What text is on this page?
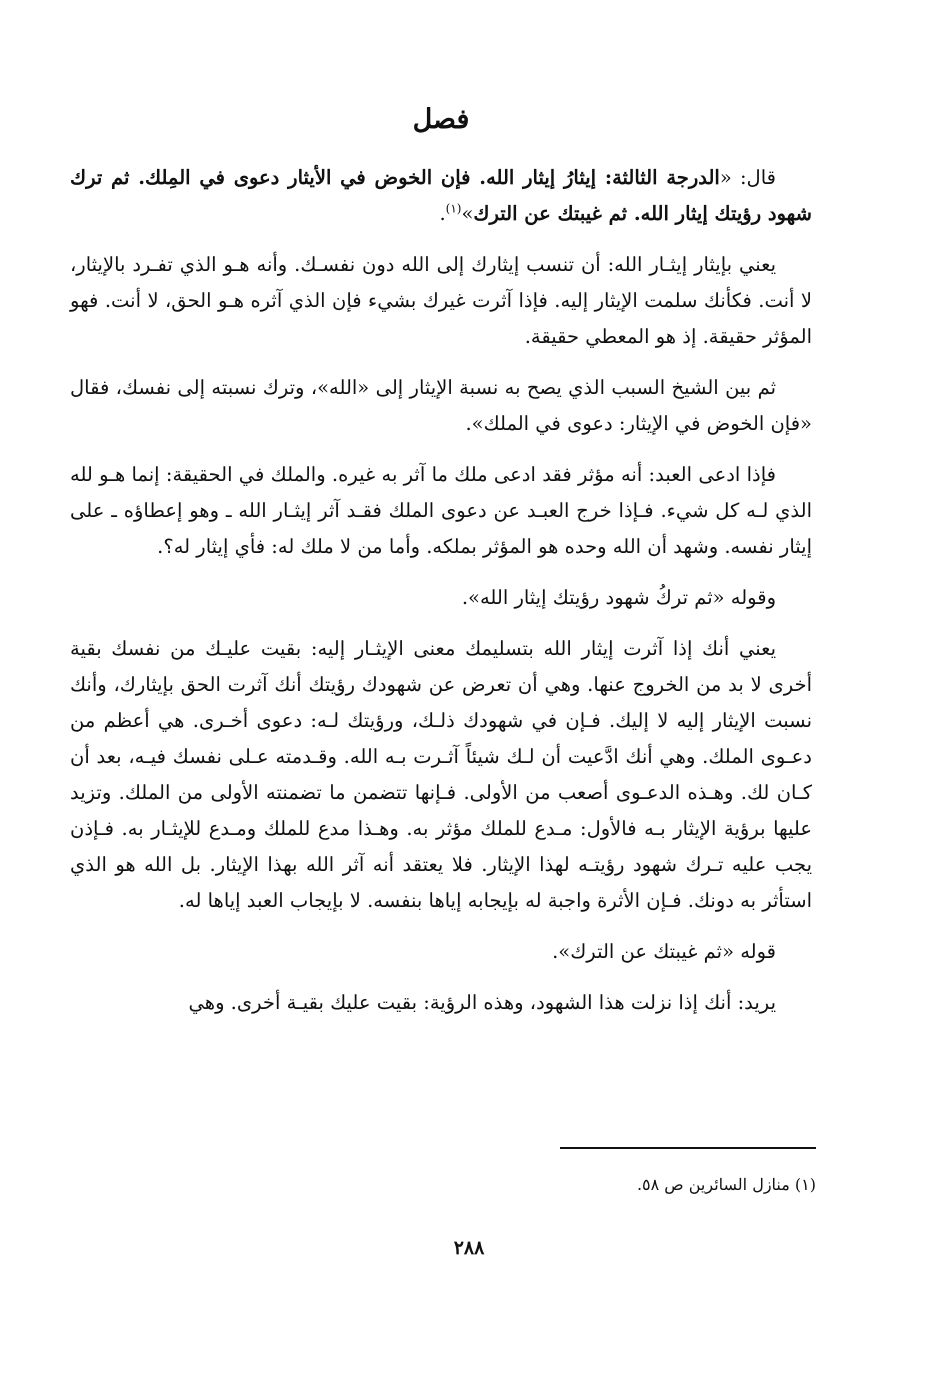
فصل

قال: «الدرجة الثالثة: إيثارُ إيثار الله. فإن الخوض في الأيثار دعوى في المِلك. ثم ترك شهود رؤيتك إيثار الله. ثم غيبتك عن الترك»$^{(١)}$.

يعني بإيثار إيثـار الله: أن تنسب إيثارك إلى الله دون نفسـك. وأنه هـو الذي تفـرد بالإيثار، لا أنت. فكأنك سلمت الإيثار إليه. فإذا آثرت غيرك بشيء فإن الذي آثره هـو الحق، لا أنت. فهو المؤثر حقيقة. إذ هو المعطي حقيقة.

ثم بين الشيخ السبب الذي يصح به نسبة الإيثار إلى «الله»، وترك نسبته إلى نفسك، فقال «فإن الخوض في الإيثار: دعوى في الملك».

فإذا ادعى العبد: أنه مؤثر فقد ادعى ملك ما آثر به غيره. والملك في الحقيقة: إنما هـو لله الذي لـه كل شيء. فـإذا خرج العبـد عن دعوى الملك فقـد آثر إيثـار الله ـ وهو إعطاؤه ـ على إيثار نفسه. وشهد أن الله وحده هو المؤثر بملكه. وأما من لا ملك له: فأي إيثار له؟.

وقوله «ثم تركُ شهود رؤيتك إيثار الله».

يعني أنك إذا آثرت إيثار الله بتسليمك معنى الإيثـار إليه: بقيت عليـك من نفسك بقية أخرى لا بد من الخروج عنها. وهي أن تعرض عن شهودك رؤيتك أنك آثرت الحق بإيثارك، وأنك نسبت الإيثار إليه لا إليك. فـإن في شهودك ذلـك، ورؤيتك لـه: دعوى أخـرى. هي أعظم من دعـوى الملك. وهي أنك ادَّعيت أن لـك شيئاً آثـرت بـه الله. وقـدمته عـلى نفسك فيـه، بعد أن كـان لك. وهـذه الدعـوى أصعب من الأولى. فـإنها تتضمن ما تضمنته الأولى من الملك. وتزيد عليها برؤية الإيثار بـه فالأول: مـدع للملك مؤثر به. وهـذا مدع للملك ومـدع للإيثـار به. فـإذن يجب عليه تـرك شهود رؤيتـه لهذا الإيثار. فلا يعتقد أنه آثر الله بهذا الإيثار. بل الله هو الذي استأثر به دونك. فـإن الأثرة واجبة له بإيجابه إياها بنفسه. لا بإيجاب العبد إياها له.

قوله «ثم غيبتك عن الترك».

يريد: أنك إذا نزلت هذا الشهود، وهذه الرؤية: بقيت عليك بقيـة أخرى. وهي

(١) منازل السائرين ص ٥٨.
٢٨٨
